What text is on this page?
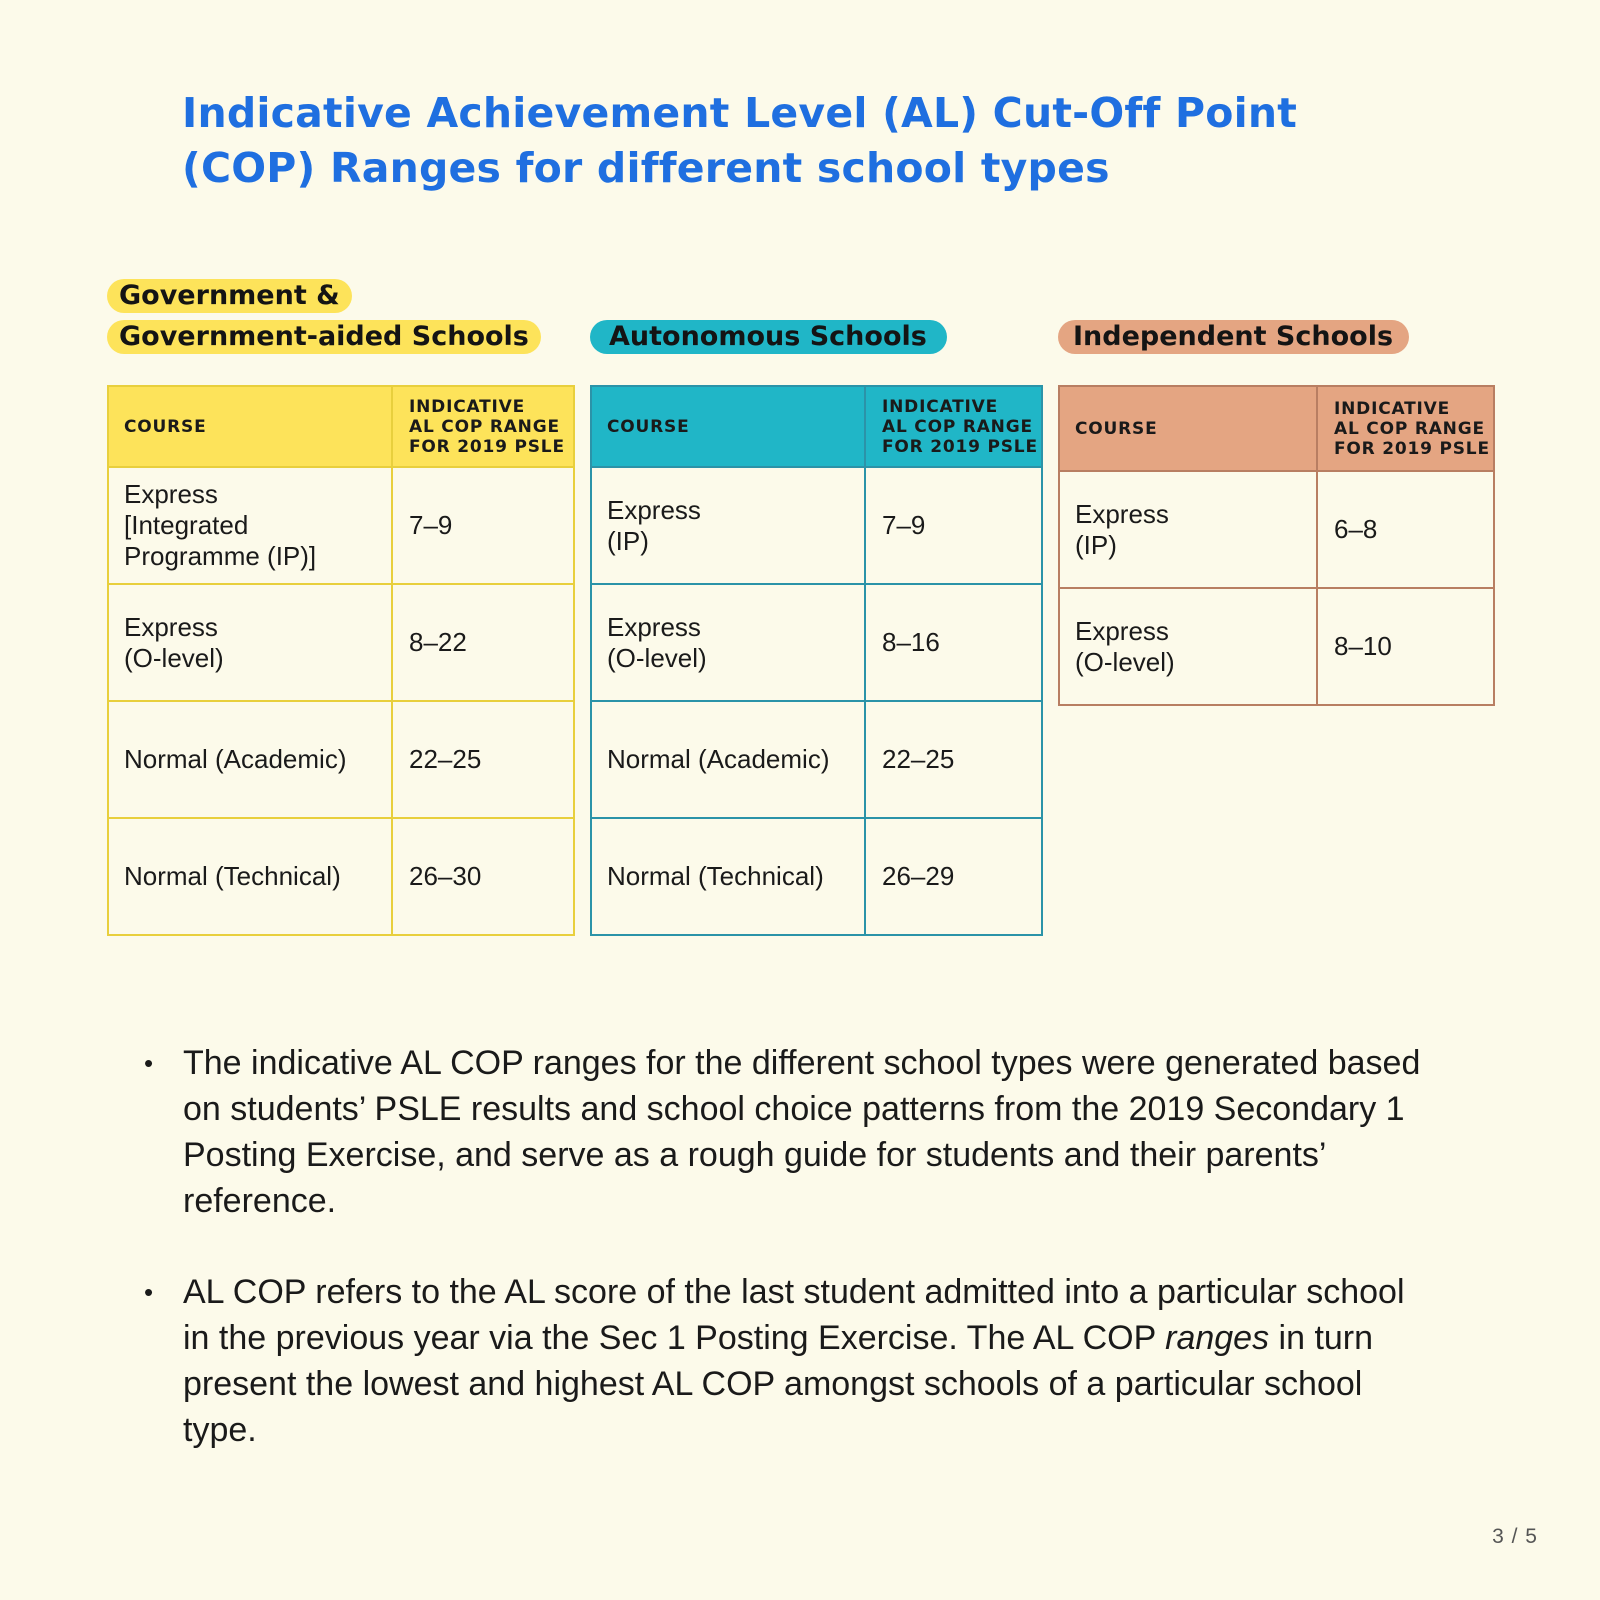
Indicative Achievement Level (AL) Cut-Off Point
(COP) Ranges for different school types
Government &
Government-aided Schools	Autonomous Schools	Independent Schools
COURSE	INDICATIVE
AL COP RANGE
FOR 2019 PSLE

Express
[Integrated
Programme (IP)]	7–9

Express
(O-level)	8–22

Normal (Academic)	22–25

Normal (Technical)	26–30
COURSE	INDICATIVE
AL COP RANGE
FOR 2019 PSLE

Express
(IP)	7–9

Express
(O-level)	8–16

Normal (Academic)	22–25

Normal (Technical)	26–29
COURSE	INDICATIVE
AL COP RANGE
FOR 2019 PSLE

Express
(IP)	6–8

Express
(O-level)	8–10
• The indicative AL COP ranges for the different school types were generated based on students’ PSLE results and school choice patterns from the 2019 Secondary 1 Posting Exercise, and serve as a rough guide for students and their parents’ reference.
• AL COP refers to the AL score of the last student admitted into a particular school in the previous year via the Sec 1 Posting Exercise. The AL COP ranges in turn present the lowest and highest AL COP amongst schools of a particular school type.
3 / 5
